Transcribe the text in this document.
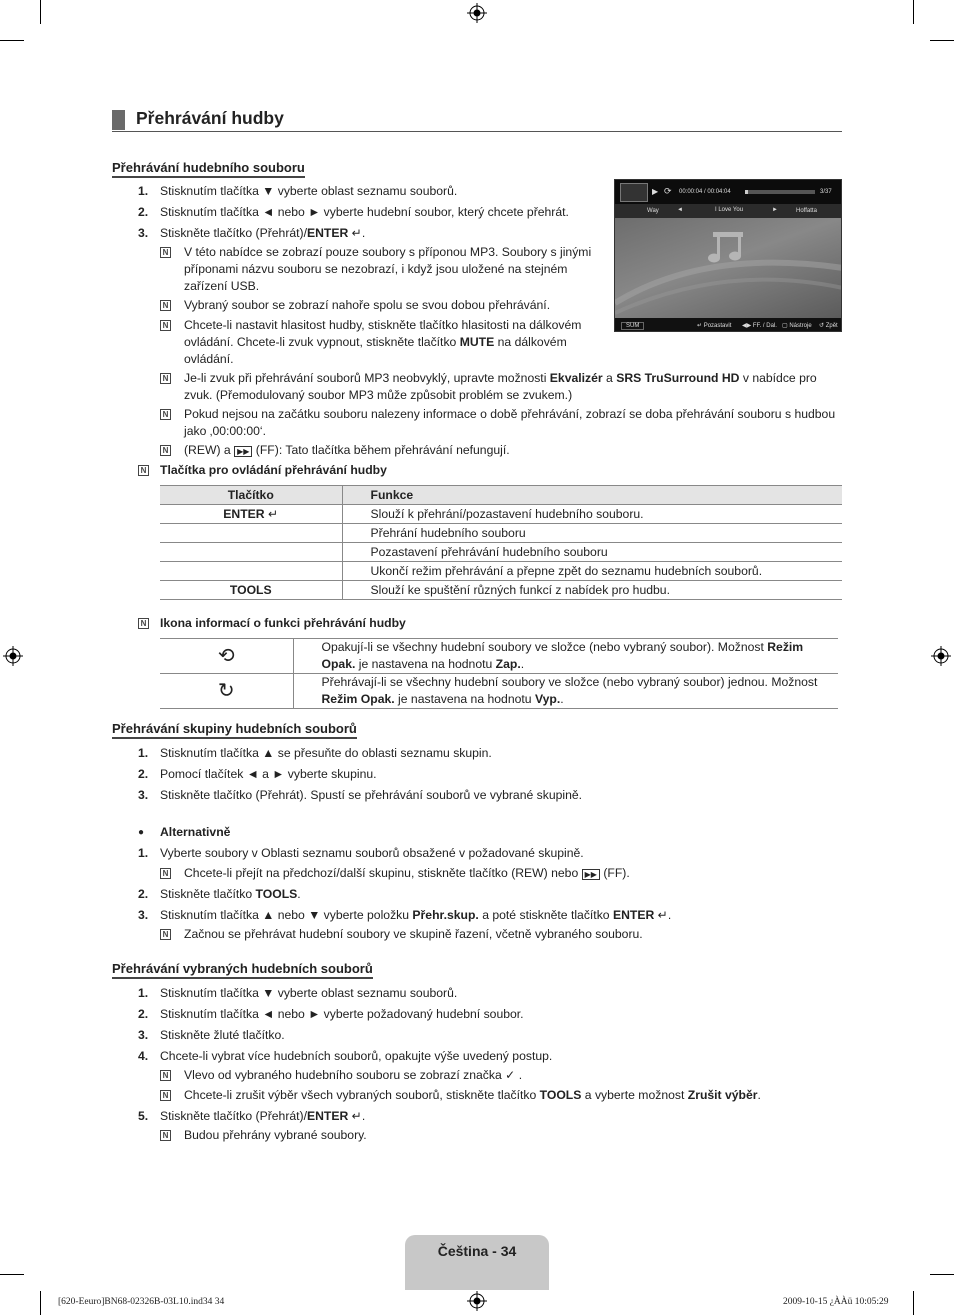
Přehrávání hudby
Přehrávání hudebního souboru
1. Stisknutím tlačítka ▼ vyberte oblast seznamu souborů.
2. Stisknutím tlačítka ◄ nebo ► vyberte hudební soubor, který chcete přehrát.
3. Stiskněte tlačítko (Přehrát)/ENTER ↵.
N V této nabídce se zobrazí pouze soubory s příponou MP3. Soubory s jinými příponami názvu souboru se nezobrazí, i když jsou uložené na stejném zařízení USB.
N Vybraný soubor se zobrazí nahoře spolu se svou dobou přehrávání.
N Chcete-li nastavit hlasitost hudby, stiskněte tlačítko hlasitosti na dálkovém ovládání. Chcete-li zvuk vypnout, stiskněte tlačítko MUTE na dálkovém ovládání.
N Je-li zvuk při přehrávání souborů MP3 neobvyklý, upravte možnosti Ekvalizér a SRS TruSurround HD v nabídce pro zvuk. (Přemodulovaný soubor MP3 může způsobit problém se zvukem.)
N Pokud nejsou na začátku souboru nalezeny informace o době přehrávání, zobrazí se doba přehrávání souboru s hudbou jako ‚00:00:00‘.
N (REW) a ▶▶ (FF): Tato tlačítka během přehrávání nefungují.
▶ ⟳ 00:00:04 / 00:04:04	3/37
Way	◄	I Love You	►	Hoffatta
SUM	↵ Pozastavit ◀▶ FF. / Dal. ▢ Nástroje ↺ Zpět
N Tlačítka pro ovládání přehrávání hudby
Tlačítko	Funkce
ENTER ↵	Slouží k přehrání/pozastavení hudebního souboru.
	Přehrání hudebního souboru
	Pozastavení přehrávání hudebního souboru
	Ukončí režim přehrávání a přepne zpět do seznamu hudebních souborů.
TOOLS	Slouží ke spuštění různých funkcí z nabídek pro hudbu.
N Ikona informací o funkci přehrávání hudby
⟲	Opakují-li se všechny hudební soubory ve složce (nebo vybraný soubor). Možnost Režim Opak. je nastavena na hodnotu Zap..
↻	Přehrávají-li se všechny hudební soubory ve složce (nebo vybraný soubor) jednou. Možnost Režim Opak. je nastavena na hodnotu Vyp..
Přehrávání skupiny hudebních souborů
1. Stisknutím tlačítka ▲ se přesuňte do oblasti seznamu skupin.
2. Pomocí tlačítek ◄ a ► vyberte skupinu.
3. Stiskněte tlačítko (Přehrát). Spustí se přehrávání souborů ve vybrané skupině.
● Alternativně
1. Vyberte soubory v Oblasti seznamu souborů obsažené v požadované skupině.
N Chcete-li přejít na předchozí/další skupinu, stiskněte tlačítko (REW) nebo ▶▶ (FF).
2. Stiskněte tlačítko TOOLS.
3. Stisknutím tlačítka ▲ nebo ▼ vyberte položku Přehr.skup. a poté stiskněte tlačítko ENTER ↵.
N Začnou se přehrávat hudební soubory ve skupině řazení, včetně vybraného souboru.
Přehrávání vybraných hudebních souborů
1. Stisknutím tlačítka ▼ vyberte oblast seznamu souborů.
2. Stisknutím tlačítka ◄ nebo ► vyberte požadovaný hudební soubor.
3. Stiskněte žluté tlačítko.
4. Chcete-li vybrat více hudebních souborů, opakujte výše uvedený postup.
N Vlevo od vybraného hudebního souboru se zobrazí značka ✓ .
N Chcete-li zrušit výběr všech vybraných souborů, stiskněte tlačítko TOOLS a vyberte možnost Zrušit výběr.
5. Stiskněte tlačítko (Přehrát)/ENTER ↵.
N Budou přehrány vybrané soubory.
Čeština - 34
[620-Eeuro]BN68-02326B-03L10.ind34 34	2009-10-15 ¿ÀÀü 10:05:29
